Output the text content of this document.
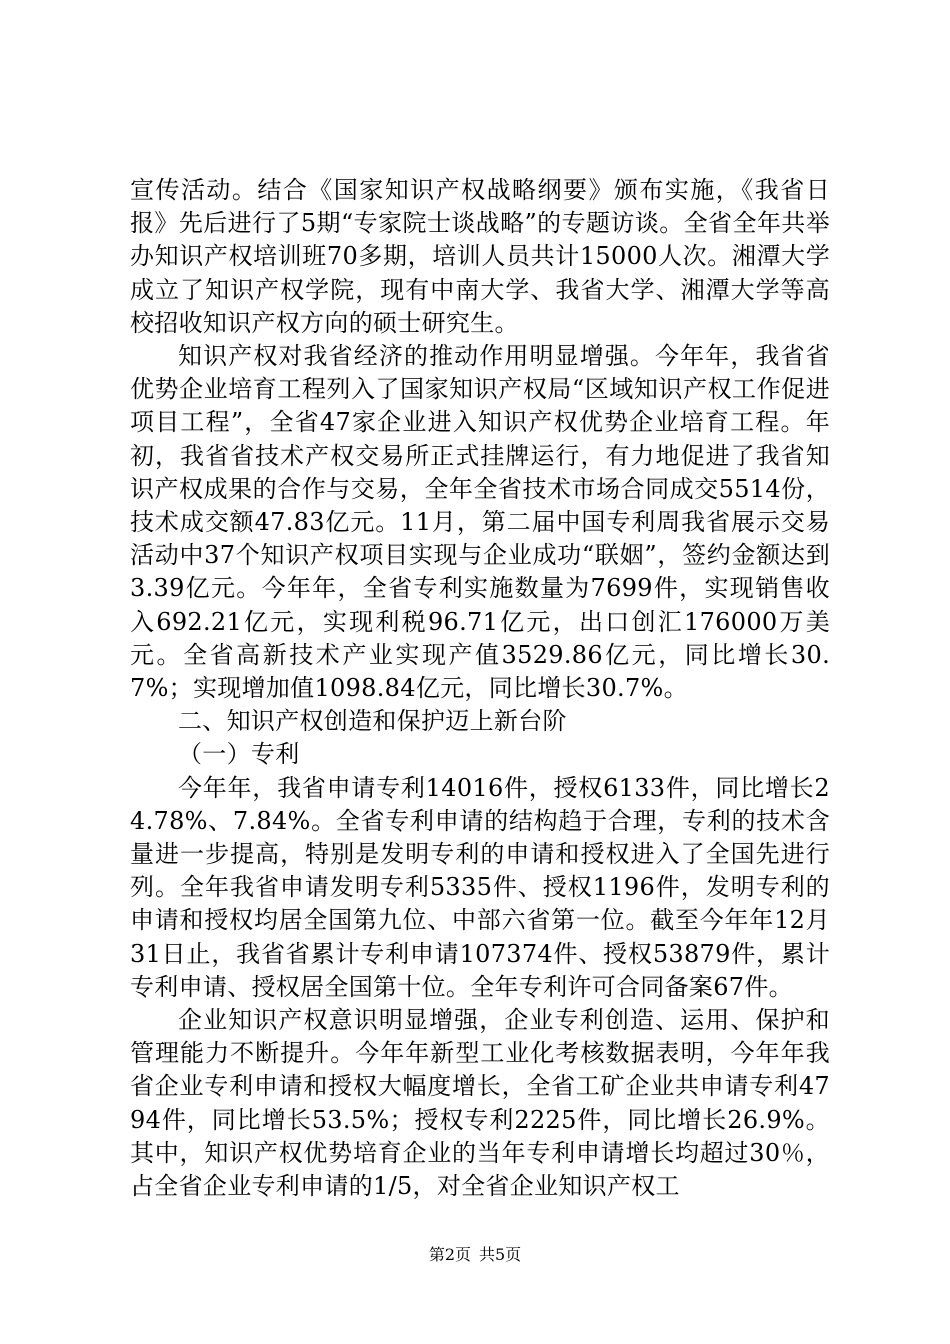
宣传活动。结合《国家知识产权战略纲要》颁布实施，《我省日报》先后进行了5期“专家院士谈战略”的专题访谈。全省全年共举办知识产权培训班70多期，培训人员共计15000人次。湘潭大学成立了知识产权学院，现有中南大学、我省大学、湘潭大学等高校招收知识产权方向的硕士研究生。

知识产权对我省经济的推动作用明显增强。今年年，我省省优势企业培育工程列入了国家知识产权局“区域知识产权工作促进项目工程”，全省47家企业进入知识产权优势企业培育工程。年初，我省省技术产权交易所正式挂牌运行，有力地促进了我省知识产权成果的合作与交易，全年全省技术市场合同成交5514份，技术成交额47.83亿元。11月，第二届中国专利周我省展示交易活动中37个知识产权项目实现与企业成功“联姻”，签约金额达到3.39亿元。今年年，全省专利实施数量为7699件，实现销售收入692.21亿元，实现利税96.71亿元，出口创汇176000万美元。全省高新技术产业实现产值3529.86亿元，同比增长30.7%；实现增加值1098.84亿元，同比增长30.7%。

二、知识产权创造和保护迈上新台阶

（一）专利

今年年，我省申请专利14016件，授权6133件，同比增长24.78%、7.84%。全省专利申请的结构趋于合理，专利的技术含量进一步提高，特别是发明专利的申请和授权进入了全国先进行列。全年我省申请发明专利5335件、授权1196件，发明专利的申请和授权均居全国第九位、中部六省第一位。截至今年年12月31日止，我省省累计专利申请107374件、授权53879件，累计专利申请、授权居全国第十位。全年专利许可合同备案67件。

企业知识产权意识明显增强，企业专利创造、运用、保护和管理能力不断提升。今年年新型工业化考核数据表明，今年年我省企业专利申请和授权大幅度增长，全省工矿企业共申请专利4794件，同比增长53.5%；授权专利2225件，同比增长26.9%。其中，知识产权优势培育企业的当年专利申请增长均超过30％，占全省企业专利申请的1/5，对全省企业知识产权工

第2页 共5页
